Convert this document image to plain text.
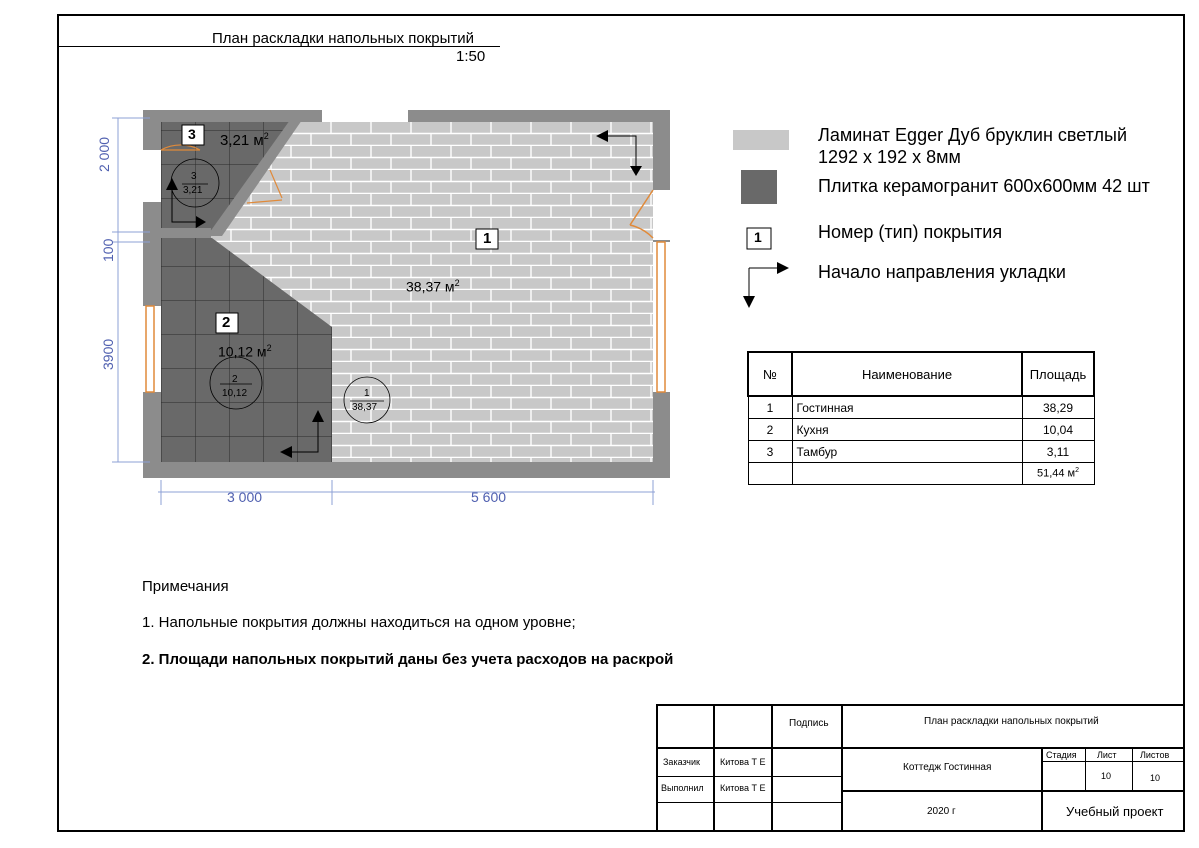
План раскладки напольных покрытий
1:50
2 000
100
3900
3 000	5 600
3 3,21 $м^2$
3
3,21
1
38,37 $м^2$
1
38,37
2
10,12 $м^2$
2
10,12
Ламинат Egger Дуб бруклин светлый
1292 х 192 х 8мм
Плитка керамогранит 600х600мм 42 шт
1	Номер (тип) покрытия
Начало направления укладки
№	Наименование	Площадь
1	Гостинная	38,29
2	Кухня	10,04
3	Тамбур	3,11
		51,44 $м^2$
Примечания
1. Напольные покрытия должны находиться на одном уровне;
2. Площади напольных покрытий даны без учета расходов на раскрой
Подпись	План раскладки напольных покрытий
Заказчик Китова Т Е
Выполнил Китова Т Е
Коттедж Гостинная
Стадия Лист	Листов
10	10
2020 г	Учебный проект
